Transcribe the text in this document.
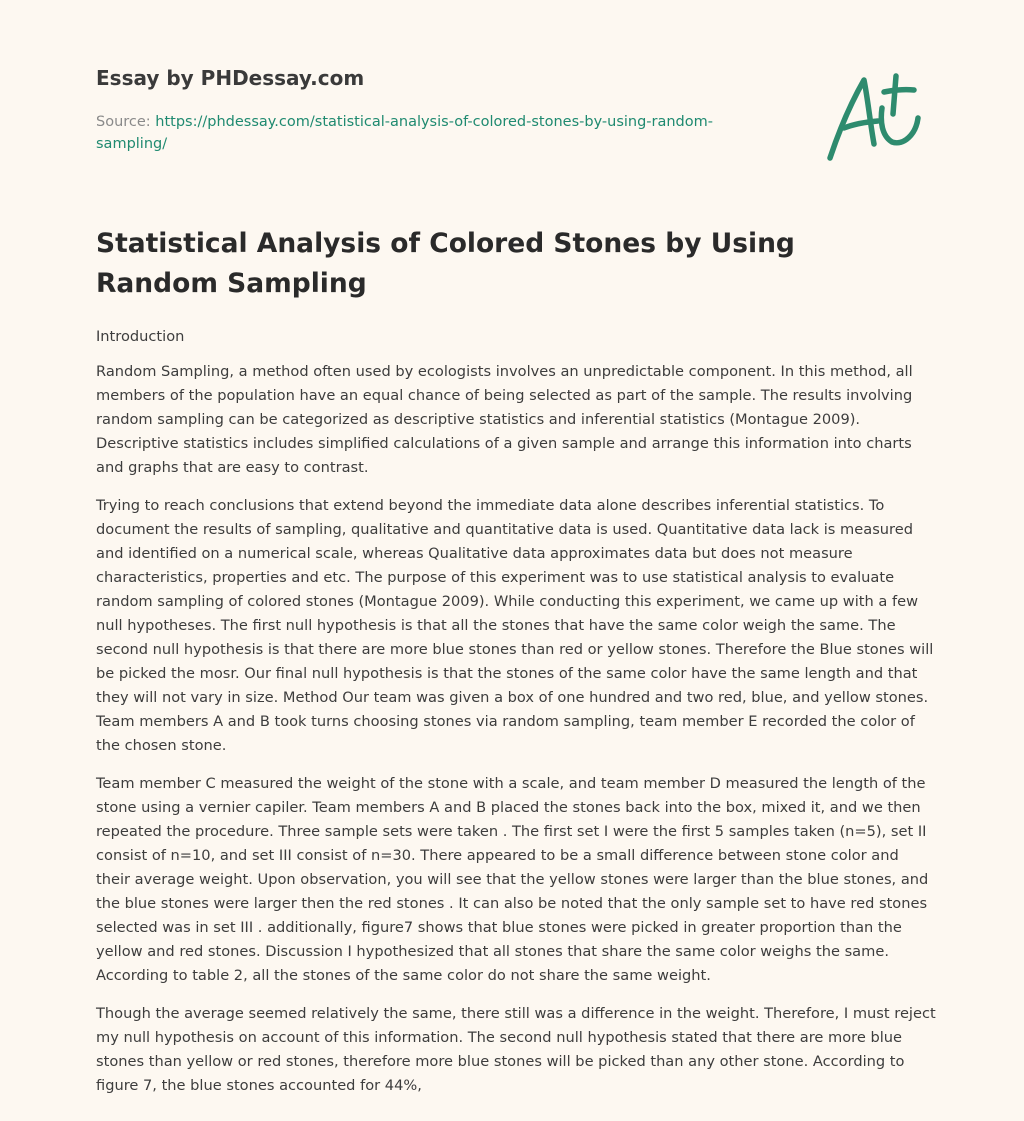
Essay by PHDessay.com
Source: https://phdessay.com/statistical-analysis-of-colored-stones-by-using-random-sampling/
Statistical Analysis of Colored Stones by Using Random Sampling

Introduction

Random Sampling, a method often used by ecologists involves an unpredictable component. In this method, all members of the population have an equal chance of being selected as part of the sample. The results involving random sampling can be categorized as descriptive statistics and inferential statistics (Montague 2009). Descriptive statistics includes simplified calculations of a given sample and arrange this information into charts and graphs that are easy to contrast.

Trying to reach conclusions that extend beyond the immediate data alone describes inferential statistics. To document the results of sampling, qualitative and quantitative data is used. Quantitative data lack is measured and identified on a numerical scale, whereas Qualitative data approximates data but does not measure characteristics, properties and etc. The purpose of this experiment was to use statistical analysis to evaluate random sampling of colored stones (Montague 2009). While conducting this experiment, we came up with a few null hypotheses. The first null hypothesis is that all the stones that have the same color weigh the same. The second null hypothesis is that there are more blue stones than red or yellow stones. Therefore the Blue stones will be picked the mosr. Our final null hypothesis is that the stones of the same color have the same length and that they will not vary in size. Method Our team was given a box of one hundred and two red, blue, and yellow stones. Team members A and B took turns choosing stones via random sampling, team member E recorded the color of the chosen stone.

Team member C measured the weight of the stone with a scale, and team member D measured the length of the stone using a vernier capiler. Team members A and B placed the stones back into the box, mixed it, and we then repeated the procedure. Three sample sets were taken . The first set I were the first 5 samples taken (n=5), set II consist of n=10, and set III consist of n=30. There appeared to be a small difference between stone color and their average weight. Upon observation, you will see that the yellow stones were larger than the blue stones, and the blue stones were larger then the red stones . It can also be noted that the only sample set to have red stones selected was in set III . additionally, figure7 shows that blue stones were picked in greater proportion than the yellow and red stones. Discussion I hypothesized that all stones that share the same color weighs the same. According to table 2, all the stones of the same color do not share the same weight.

Though the average seemed relatively the same, there still was a difference in the weight. Therefore, I must reject my null hypothesis on account of this information. The second null hypothesis stated that there are more blue stones than yellow or red stones, therefore more blue stones will be picked than any other stone. According to figure 7, the blue stones accounted for 44%,
